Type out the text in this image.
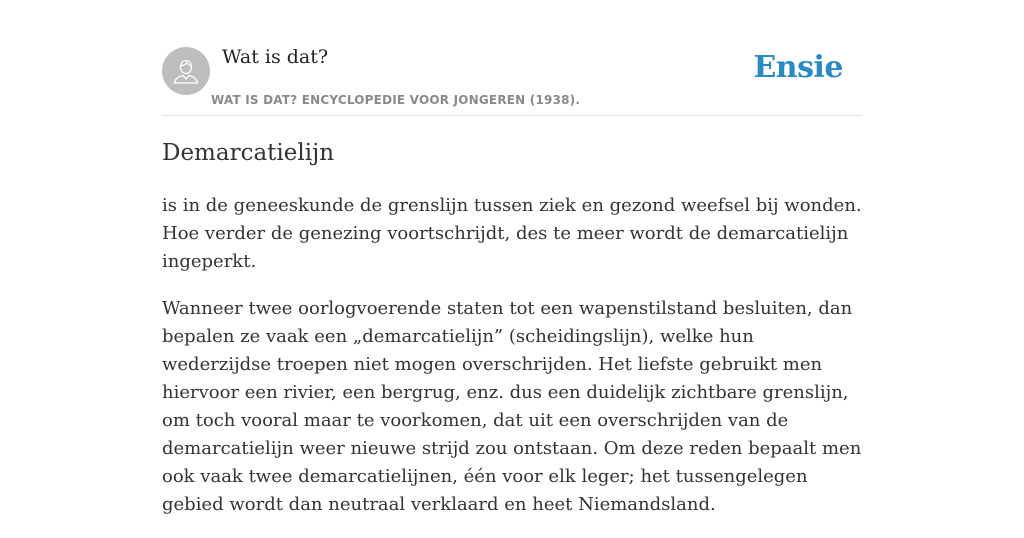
Wat is dat?
WAT IS DAT? ENCYCLOPEDIE VOOR JONGEREN (1938).
Ensie
Demarcatielijn

is in de geneeskunde de grenslijn tussen ziek en gezond weefsel bij wonden. Hoe verder de genezing voortschrijdt, des te meer wordt de demarcatielijn ingeperkt.

Wanneer twee oorlogvoerende staten tot een wapenstilstand besluiten, dan bepalen ze vaak een „demarcatielijn” (scheidingslijn), welke hun wederzijdse troepen niet mogen overschrijden. Het liefste gebruikt men hiervoor een rivier, een bergrug, enz. dus een duidelijk zichtbare grenslijn, om toch vooral maar te voorkomen, dat uit een overschrijden van de demarcatielijn weer nieuwe strijd zou ontstaan. Om deze reden bepaalt men ook vaak twee demarcatielijnen, één voor elk leger; het tussengelegen gebied wordt dan neutraal verklaard en heet Niemandsland.
